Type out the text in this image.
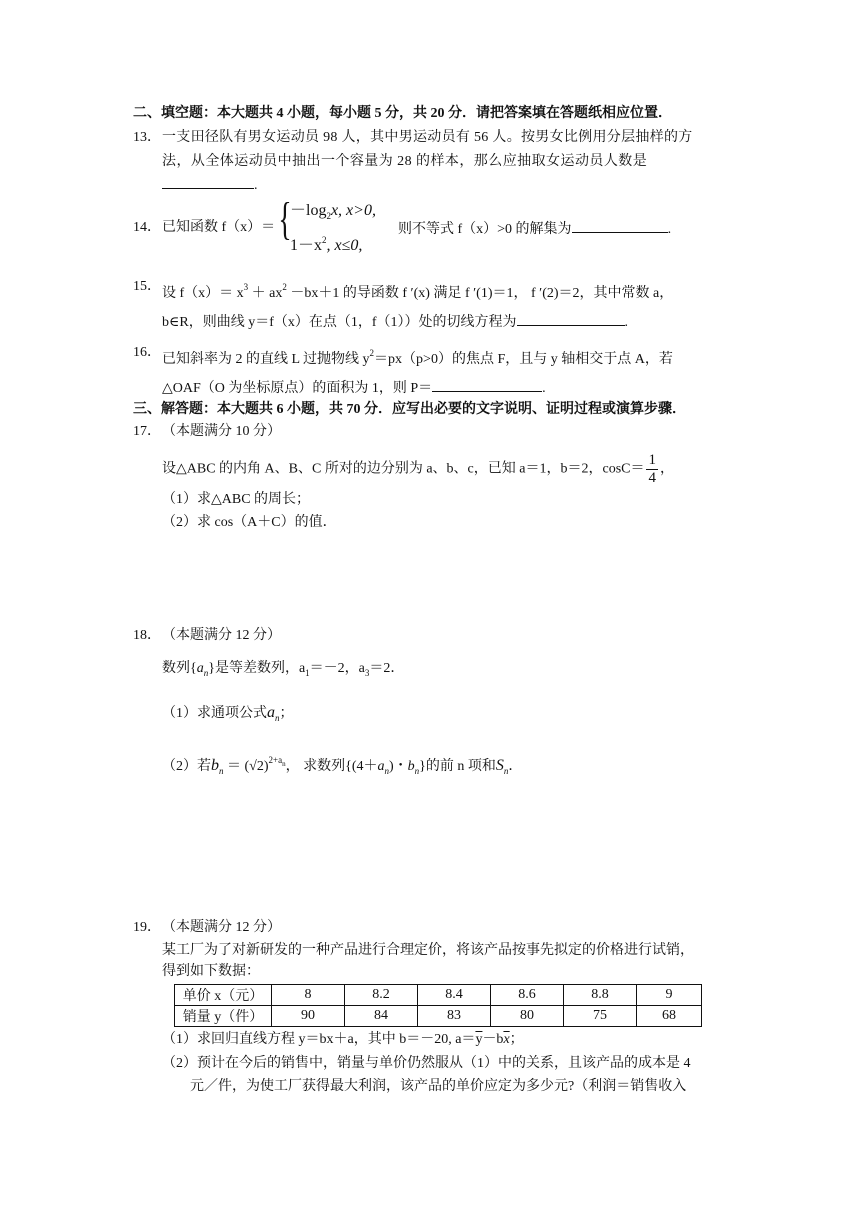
二、填空题：本大题共 4 小题，每小题 5 分，共 20 分．请把答案填在答题纸相应位置．
13． 一支田径队有男女运动员 98 人，其中男运动员有 56 人。按男女比例用分层抽样的方
法，从全体运动员中抽出一个容量为 28 的样本，那么应抽取女运动员人数是
.
14． 已知函数 f（x）＝ {
$-\log_2x$, x>0,
$1-x^2$, x≤0,
则不等式 f（x）>0 的解集为	.
15． 设 $f(x)= x^3 + ax^2 -bx+1$ 的导函数 f ′(x) 满足 f ′(1)＝1， f ′(2)＝2，其中常数 a，
b∈R，则曲线 y＝f（x）在点（1，f（1））处的切线方程为	.
16． 已知斜率为 2 的直线 L 过抛物线 $y^2=px(p>0)$的焦点 F，且与 y 轴相交于点 A，若
△OAF（O 为坐标原点）的面积为 1，则 P＝	.
三、解答题：本大题共 6 小题，共 70 分．应写出必要的文字说明、证明过程或演算步骤．
17． （本题满分 10 分）
设△ABC 的内角 A、B、C 所对的边分别为 a、b、c，已知 a＝1，b＝2，$\cos C= \frac{1}{4}$ ，
（1）求△ABC 的周长；
（2）求 cos（A＋C）的值．
18． （本题满分 12 分）
数列$\{a_n\}$是等差数列，$a_1=-2$，$a_3=2$．
（1）求通项公式$a_n$；
（2）若$b_n = (√2)^{2+an}$， 求数列{$(4+a_n)$・$b_n$}的前 n 项和$S_n$．
19． （本题满分 12 分）
某工厂为了对新研发的一种产品进行合理定价，将该产品按事先拟定的价格进行试销，
得到如下数据：
单价 x（元）	8	8.2	8.4	8.6	8.8	9
销量 y（件）	90	84	83	80	75	68
（1）求回归直线方程 y＝bx＋a，其中 b＝－20, $a=\overline{y}-b\overline{x}$；
（2）预计在今后的销售中，销量与单价仍然服从（1）中的关系，且该产品的成本是 4
元／件，为使工厂获得最大利润，该产品的单价应定为多少元?（利润＝销售收入
